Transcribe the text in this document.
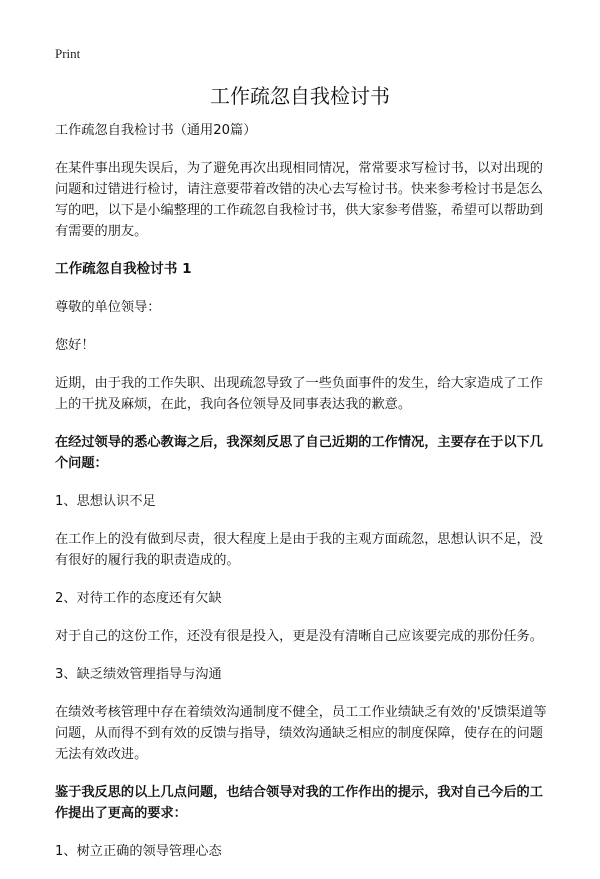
Print
工作疏忽自我检讨书

工作疏忽自我检讨书（通用20篇）

在某件事出现失误后，为了避免再次出现相同情况，常常要求写检讨书，以对出现的问题和过错进行检讨，请注意要带着改错的决心去写检讨书。快来参考检讨书是怎么写的吧，以下是小编整理的工作疏忽自我检讨书，供大家参考借鉴，希望可以帮助到有需要的朋友。

工作疏忽自我检讨书 1

尊敬的单位领导：

您好！

近期，由于我的工作失职、出现疏忽导致了一些负面事件的发生，给大家造成了工作上的干扰及麻烦，在此，我向各位领导及同事表达我的歉意。

在经过领导的悉心教诲之后，我深刻反思了自己近期的工作情况，主要存在于以下几个问题：

1、思想认识不足

在工作上的没有做到尽责，很大程度上是由于我的主观方面疏忽，思想认识不足，没有很好的履行我的职责造成的。

2、对待工作的态度还有欠缺

对于自己的这份工作，还没有很是投入，更是没有清晰自己应该要完成的那份任务。

3、缺乏绩效管理指导与沟通

在绩效考核管理中存在着绩效沟通制度不健全，员工工作业绩缺乏有效的'反馈渠道等问题，从而得不到有效的反馈与指导，绩效沟通缺乏相应的制度保障，使存在的问题无法有效改进。

鉴于我反思的以上几点问题，也结合领导对我的工作作出的提示，我对自己今后的工作提出了更高的要求：

1、树立正确的领导管理心态
